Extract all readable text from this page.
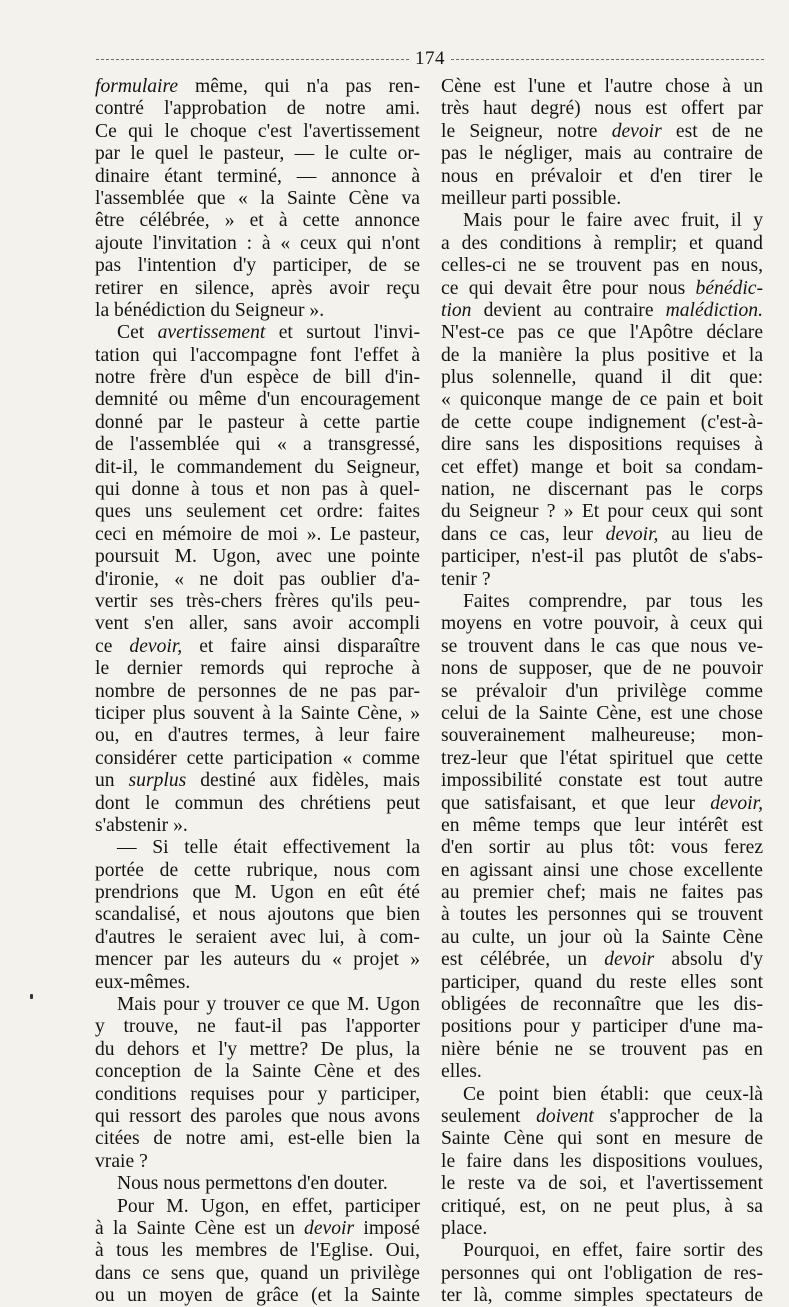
174
formulaire même, qui n'a pas ren-
contré l'approbation de notre ami.
Ce qui le choque c'est l'avertissement
par le quel le pasteur, — le culte or-
dinaire étant terminé, — annonce à
l'assemblée que « la Sainte Cène va
être célébrée, » et à cette annonce
ajoute l'invitation : à « ceux qui n'ont
pas l'intention d'y participer, de se
retirer en silence, après avoir reçu
la bénédiction du Seigneur ».
Cet avertissement et surtout l'invi-
tation qui l'accompagne font l'effet à
notre frère d'un espèce de bill d'in-
demnité ou même d'un encouragement
donné par le pasteur à cette partie
de l'assemblée qui « a transgressé,
dit-il, le commandement du Seigneur,
qui donne à tous et non pas à quel-
ques uns seulement cet ordre: faites
ceci en mémoire de moi ». Le pasteur,
poursuit M. Ugon, avec une pointe
d'ironie, « ne doit pas oublier d'a-
vertir ses très-chers frères qu'ils peu-
vent s'en aller, sans avoir accompli
ce devoir, et faire ainsi disparaître
le dernier remords qui reproche à
nombre de personnes de ne pas par-
ticiper plus souvent à la Sainte Cène, »
ou, en d'autres termes, à leur faire
considérer cette participation « comme
un surplus destiné aux fidèles, mais
dont le commun des chrétiens peut
s'abstenir ».
— Si telle était effectivement la
portée de cette rubrique, nous com
prendrions que M. Ugon en eût été
scandalisé, et nous ajoutons que bien
d'autres le seraient avec lui, à com-
mencer par les auteurs du « projet »
eux-mêmes.
Mais pour y trouver ce que M. Ugon
y trouve, ne faut-il pas l'apporter
du dehors et l'y mettre? De plus, la
conception de la Sainte Cène et des
conditions requises pour y participer,
qui ressort des paroles que nous avons
citées de notre ami, est-elle bien la
vraie ?
Nous nous permettons d'en douter.
Pour M. Ugon, en effet, participer
à la Sainte Cène est un devoir imposé
à tous les membres de l'Eglise. Oui,
dans ce sens que, quand un privilège
ou un moyen de grâce (et la Sainte
Cène est l'une et l'autre chose à un
très haut degré) nous est offert par
le Seigneur, notre devoir est de ne
pas le négliger, mais au contraire de
nous en prévaloir et d'en tirer le
meilleur parti possible.
Mais pour le faire avec fruit, il y
a des conditions à remplir; et quand
celles-ci ne se trouvent pas en nous,
ce qui devait être pour nous bénédic-
tion devient au contraire malédiction.
N'est-ce pas ce que l'Apôtre déclare
de la manière la plus positive et la
plus solennelle, quand il dit que:
« quiconque mange de ce pain et boit
de cette coupe indignement (c'est-à-
dire sans les dispositions requises à
cet effet) mange et boit sa condam-
nation, ne discernant pas le corps
du Seigneur ? » Et pour ceux qui sont
dans ce cas, leur devoir, au lieu de
participer, n'est-il pas plutôt de s'abs-
tenir ?
Faites comprendre, par tous les
moyens en votre pouvoir, à ceux qui
se trouvent dans le cas que nous ve-
nons de supposer, que de ne pouvoir
se prévaloir d'un privilège comme
celui de la Sainte Cène, est une chose
souverainement malheureuse; mon-
trez-leur que l'état spirituel que cette
impossibilité constate est tout autre
que satisfaisant, et que leur devoir,
en même temps que leur intérêt est
d'en sortir au plus tôt: vous ferez
en agissant ainsi une chose excellente
au premier chef; mais ne faites pas
à toutes les personnes qui se trouvent
au culte, un jour où la Sainte Cène
est célébrée, un devoir absolu d'y
participer, quand du reste elles sont
obligées de reconnaître que les dis-
positions pour y participer d'une ma-
nière bénie ne se trouvent pas en
elles.
Ce point bien établi: que ceux-là
seulement doivent s'approcher de la
Sainte Cène qui sont en mesure de
le faire dans les dispositions voulues,
le reste va de soi, et l'avertissement
critiqué, est, on ne peut plus, à sa
place.
Pourquoi, en effet, faire sortir des
personnes qui ont l'obligation de res-
ter là, comme simples spectateurs de
